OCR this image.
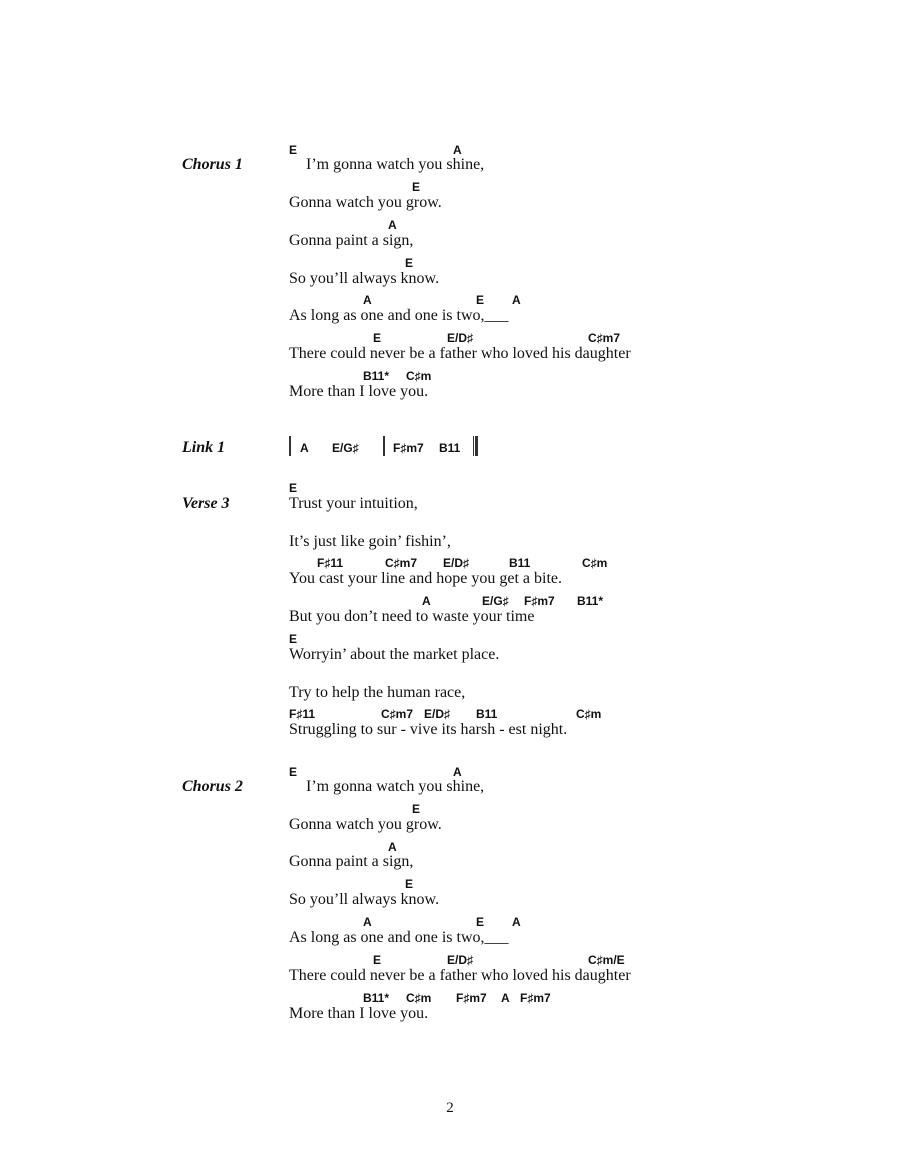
Chorus 1
E	A
I’m gonna watch you shine,
E
Gonna watch you grow.
A
Gonna paint a sign,
E
So you’ll always know.
A	E A
As long as one and one is two,___
E	E/D♯	C♯m7
There could never be a father who loved his daughter
B11* C♯m
More than I love you.
Link 1	A E/G♯	F♯m7 B11
Verse 3
E
Trust your intuition,
It’s just like goin’ fishin’,
F♯11	C♯m7 E/D♯	B11	C♯m
You cast your line and hope you get a bite.
A	E/G♯ F♯m7 B11*
But you don’t need to waste your time
E
Worryin’ about the market place.
Try to help the human race,
F♯11	C♯m7 E/D♯ B11	C♯m
Struggling to sur - vive its harsh - est night.
Chorus 2
E	A
I’m gonna watch you shine,
E
Gonna watch you grow.
A
Gonna paint a sign,
E
So you’ll always know.
A	E A
As long as one and one is two,___
E	E/D♯	C♯m/E
There could never be a father who loved his daughter
B11* C♯m F♯m7 A F♯m7
More than I love you.
2
